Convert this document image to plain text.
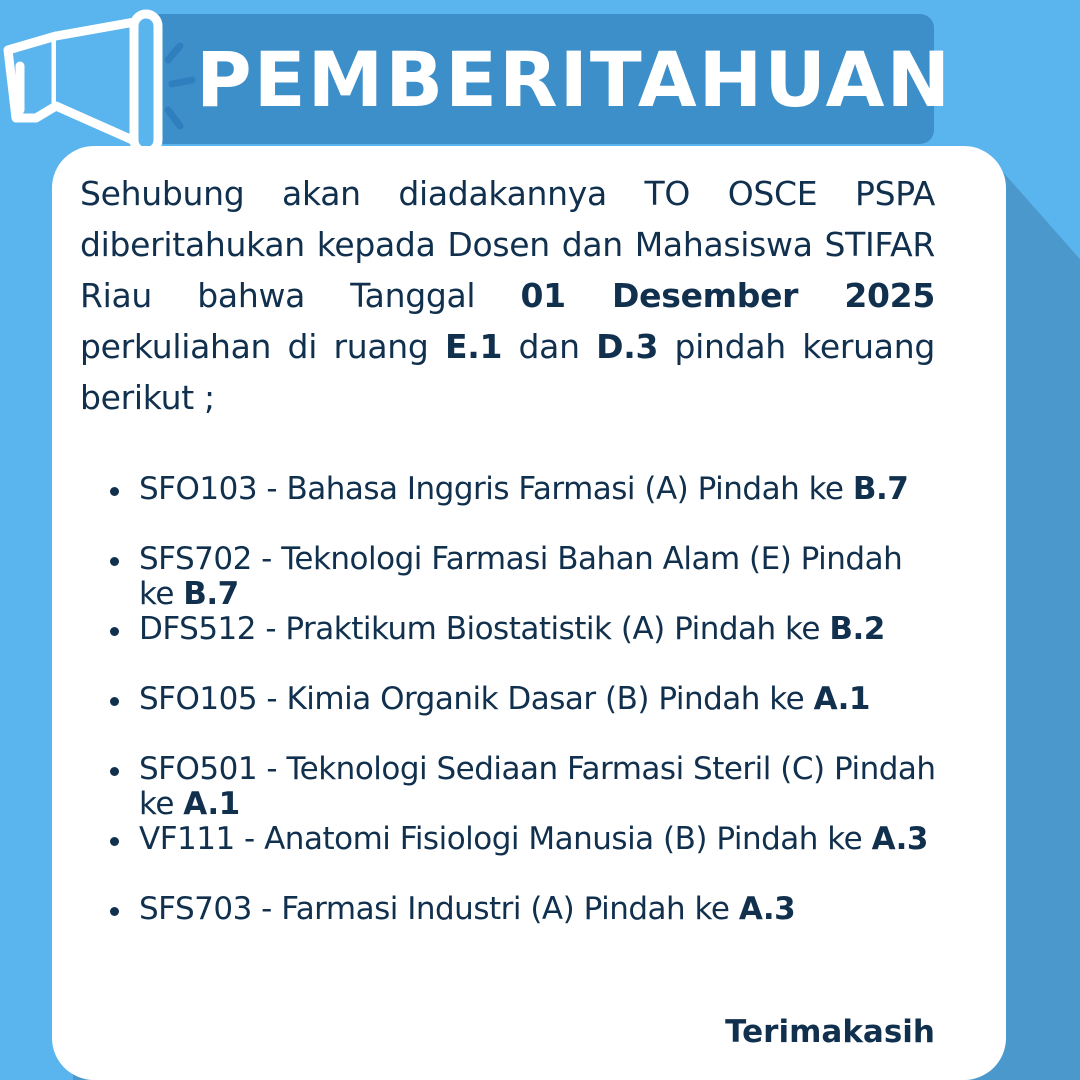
PEMBERITAHUAN
Sehubung akan diadakannya TO OSCE PSPA diberitahukan kepada Dosen dan Mahasiswa STIFAR Riau bahwa Tanggal 01 Desember 2025 perkuliahan di ruang E.1 dan D.3 pindah keruang berikut ;
SFO103 - Bahasa Inggris Farmasi (A) Pindah ke B.7
SFS702 - Teknologi Farmasi Bahan Alam (E) Pindah ke B.7
DFS512 - Praktikum Biostatistik (A) Pindah ke B.2
SFO105 - Kimia Organik Dasar (B) Pindah ke A.1
SFO501 - Teknologi Sediaan Farmasi Steril (C) Pindah ke A.1
VF111 - Anatomi Fisiologi Manusia (B) Pindah ke A.3
SFS703 - Farmasi Industri (A) Pindah ke A.3
Terimakasih
